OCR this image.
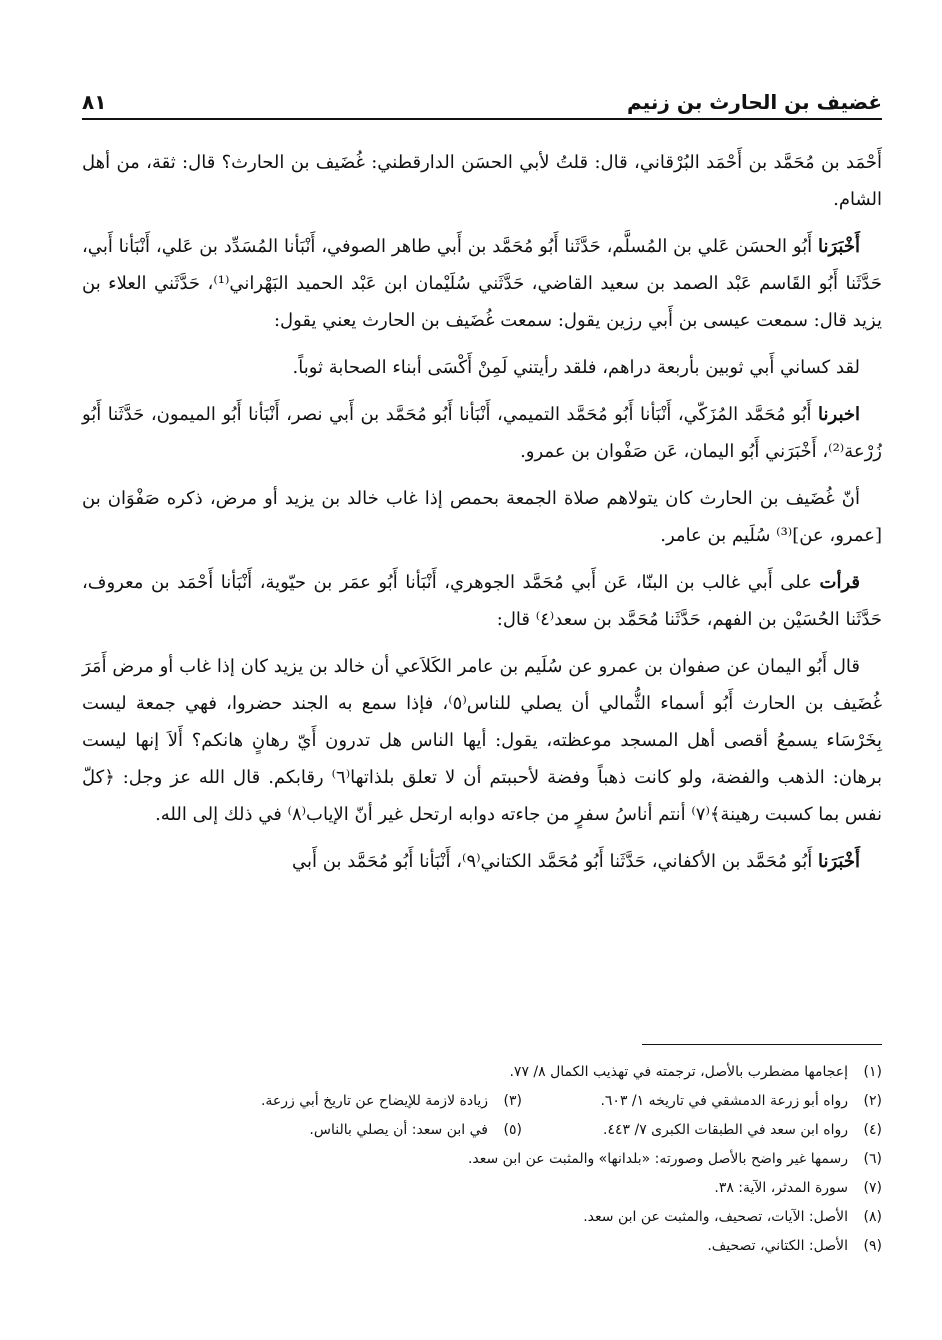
غضيف بن الحارث بن زنيم
٨١

أَحْمَد بن مُحَمَّد بن أَحْمَد البُرْقاني، قال: قلتُ لأبي الحسَن الدارقطني: غُضَيف بن الحارث؟ قال: ثقة، من أهل الشام.

أَخْبَرَنا أَبُو الحسَن عَلي بن المُسلَّم، حَدَّثَنا أَبُو مُحَمَّد بن أَبي طاهر الصوفي، أَنْبَأنا المُسَدِّد بن عَلي، أَنْبَأنا أَبي، حَدَّثَنا أَبُو القَاسم عَبْد الصمد بن سعيد القاضي، حَدَّثَني سُلَيْمان ابن عَبْد الحميد البَهْراني⁽¹⁾، حَدَّثَني العلاء بن يزيد قال: سمعت عيسى بن أَبي رزين يقول: سمعت غُضَيف بن الحارث يعني يقول:

لقد كساني أَبي ثوبين بأربعة دراهم، فلقد رأيتني لَمِنْ أَكْسَى أبناء الصحابة ثوباً.

اخبرنا أَبُو مُحَمَّد المُزَكّي، أَنْبَأنا أَبُو مُحَمَّد التميمي، أَنْبَأنا أَبُو مُحَمَّد بن أَبي نصر، أَنْبَأنا أَبُو الميمون، حَدَّثَنا أَبُو زُرْعة⁽²⁾، أَخْبَرَني أَبُو اليمان، عَن صَفْوان بن عمرو.

أنّ غُضَيف بن الحارث كان يتولاهم صلاة الجمعة بحمص إذا غاب خالد بن يزيد أو مرض، ذكره صَفْوَان بن [عمرو، عن]⁽³⁾ سُلَيم بن عامر.

قرأت على أَبي غالب بن البنّا، عَن أَبي مُحَمَّد الجوهري، أَنْبَأنا أَبُو عمَر بن حيّوية، أَنْبَأنا أَحْمَد بن معروف، حَدَّثَنا الحُسَيْن بن الفهم، حَدَّثَنا مُحَمَّد بن سعد⁽٤⁾ قال:

قال أَبُو اليمان عن صفوان بن عمرو عن سُلَيم بن عامر الكَلاَعي أن خالد بن يزيد كان إذا غاب أو مرض أَمَرَ غُضَيف بن الحارث أَبُو أسماء الثُّمالي أن يصلي للناس⁽٥⁾، فإذا سمع به الجند حضروا، فهي جمعة ليست بِخَرْسَاء يسمعُ أقصى أهل المسجد موعظته، يقول: أيها الناس هل تدرون أَيّ رهانٍ هانكم؟ أَلاَ إنها ليست برهان: الذهب والفضة، ولو كانت ذهباً وفضة لأحببتم أن لا تعلق بلذاتها⁽٦⁾ رقابكم. قال الله عز وجل: ﴿كلّ نفس بما كسبت رهينة﴾⁽٧⁾ أنتم أناسُ سفرٍ من جاءته دوابه ارتحل غير أنّ الإياب⁽٨⁾ في ذلك إلى الله.

أَخْبَرَنا أَبُو مُحَمَّد بن الأكفاني، حَدَّثَنا أَبُو مُحَمَّد الكتاني⁽٩⁾، أَنْبَأنا أَبُو مُحَمَّد بن أَبي

(١)إعجامها مضطرب بالأصل، ترجمته في تهذيب الكمال ٨/ ٧٧.
(٢)رواه أبو زرعة الدمشقي في تاريخه ١/ ٦٠٣.
(٣)زيادة لازمة للإيضاح عن تاريخ أبي زرعة.
(٤)رواه ابن سعد في الطبقات الكبرى ٧/ ٤٤٣.
(٥)في ابن سعد: أن يصلي بالناس.
(٦)رسمها غير واضح بالأصل وصورته: «بلدانها» والمثبت عن ابن سعد.
(٧)سورة المدثر، الآية: ٣٨.
(٨)الأصل: الآيات، تصحيف، والمثبت عن ابن سعد.
(٩)الأصل: الكتاني، تصحيف.
